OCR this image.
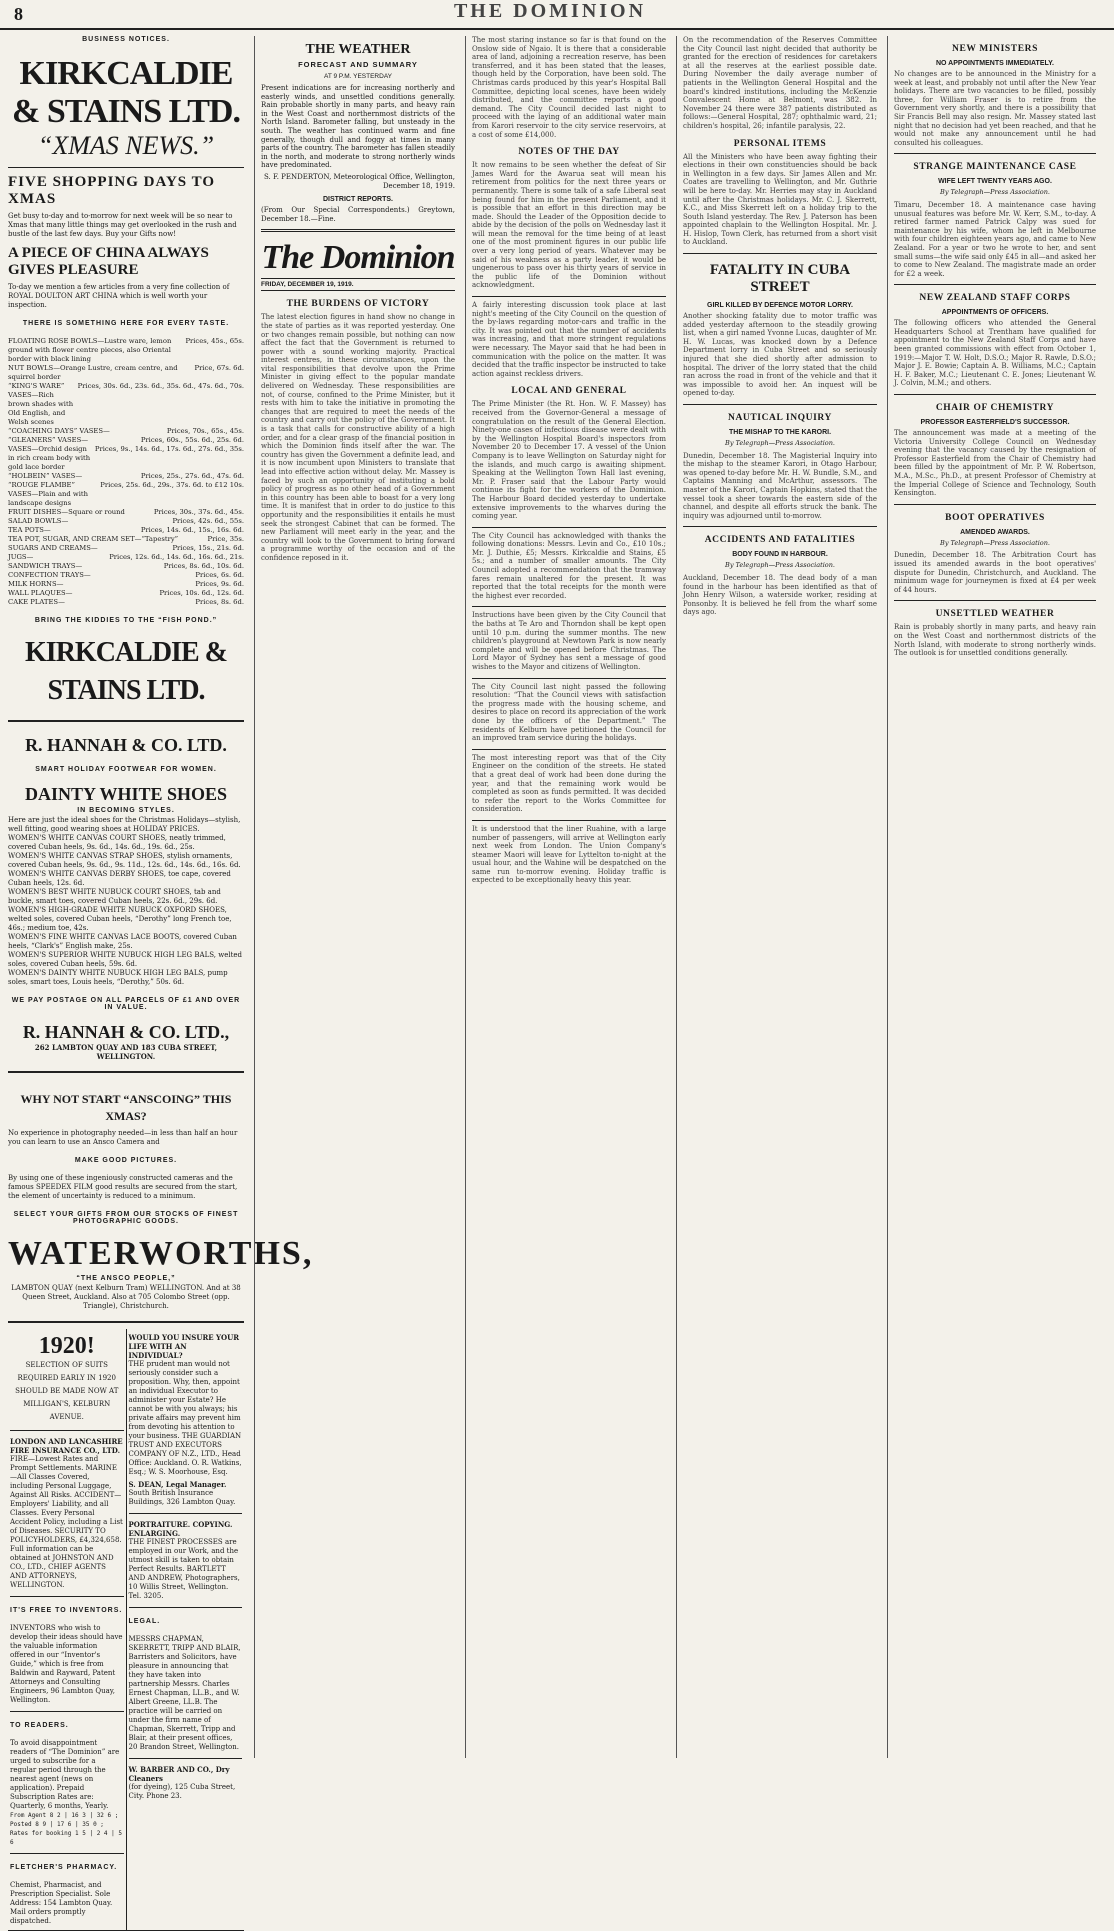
8	THE DOMINION
BUSINESS NOTICES.
KIRKCALDIE & STAINS LTD.
“XMAS NEWS.”
FIVE SHOPPING DAYS TO XMAS
Get busy to-day and to-morrow for next week will be so near to Xmas that many little things may get overlooked in the rush and bustle of the last few days. Buy your Gifts now!
A PIECE OF CHINA ALWAYS GIVES PLEASURE
To-day we mention a few articles from a very fine collection of ROYAL DOULTON ART CHINA which is well worth your inspection.
THERE IS SOMETHING HERE FOR EVERY TASTE.
FLOATING ROSE BOWLS—Lustre ware, lemon ground with flower centre pieces, also Oriental border with black lining
Prices, 45s., 65s.
NUT BOWLS—Orange Lustre, cream centre, and squirrel border
Price, 67s. 6d.
“KING'S WARE” VASES—Rich brown shades with Old English, and Welsh scenes
Prices, 30s. 6d., 23s. 6d., 35s. 6d., 47s. 6d., 70s.
“COACHING DAYS” VASES—	Prices, 70s., 65s., 45s.
“GLEANERS” VASES—	Prices, 60s., 55s. 6d., 25s. 6d.
VASES—Orchid design in rich cream body with gold lace border
Prices, 9s., 14s. 6d., 17s. 6d., 27s. 6d., 35s.
“HOLBEIN” VASES—	Prices, 25s., 27s. 6d., 47s. 6d.
“ROUGE FLAMBE” VASES—Plain and with landscape designs
Prices, 25s. 6d., 29s., 37s. 6d. to £12 10s.
FRUIT DISHES—Square or round	Prices, 30s., 37s. 6d., 45s.
SALAD BOWLS—	Prices, 42s. 6d., 55s.
TEA POTS—	Prices, 14s. 6d., 15s., 16s. 6d.
TEA POT, SUGAR, AND CREAM SET—“Tapestry”	Price, 35s.
SUGARS AND CREAMS—	Prices, 15s., 21s. 6d.
JUGS—	Prices, 12s. 6d., 14s. 6d., 16s. 6d., 21s.
SANDWICH TRAYS—	Prices, 8s. 6d., 10s. 6d.
CONFECTION TRAYS—	Prices, 6s. 6d.
MILK HORNS—	Prices, 9s. 6d.
WALL PLAQUES—	Prices, 10s. 6d., 12s. 6d.
CAKE PLATES—	Prices, 8s. 6d.
BRING THE KIDDIES TO THE “FISH POND.”
KIRKCALDIE & STAINS LTD.
R. HANNAH & CO. LTD.
SMART HOLIDAY FOOTWEAR FOR WOMEN.
DAINTY WHITE SHOES
IN BECOMING STYLES.
Here are just the ideal shoes for the Christmas Holidays—stylish, well fitting, good wearing shoes at HOLIDAY PRICES.
WOMEN'S WHITE CANVAS COURT SHOES, neatly trimmed, covered Cuban heels, 9s. 6d., 14s. 6d., 19s. 6d., 25s.
WOMEN'S WHITE CANVAS STRAP SHOES, stylish ornaments, covered Cuban heels, 9s. 6d., 9s. 11d., 12s. 6d., 14s. 6d., 16s. 6d.
WOMEN'S WHITE CANVAS DERBY SHOES, toe cape, covered Cuban heels, 12s. 6d.
WOMEN'S BEST WHITE NUBUCK COURT SHOES, tab and buckle, smart toes, covered Cuban heels, 22s. 6d., 29s. 6d.
WOMEN'S HIGH-GRADE WHITE NUBUCK OXFORD SHOES, welted soles, covered Cuban heels, “Derothy” long French toe, 46s.; medium toe, 42s.
WOMEN'S FINE WHITE CANVAS LACE BOOTS, covered Cuban heels, “Clark's” English make, 25s.
WOMEN'S SUPERIOR WHITE NUBUCK HIGH LEG BALS, welted soles, covered Cuban heels, 59s. 6d.
WOMEN'S DAINTY WHITE NUBUCK HIGH LEG BALS, pump soles, smart toes, Louis heels, “Derothy,” 50s. 6d.
WE PAY POSTAGE ON ALL PARCELS OF £1 AND OVER IN VALUE.
R. HANNAH & CO. LTD.,
262 LAMBTON QUAY AND 183 CUBA STREET, WELLINGTON.
WHY NOT START “ANSCOING” THIS XMAS?
No experience in photography needed—in less than half an hour you can learn to use an Ansco Camera and
MAKE GOOD PICTURES.
By using one of these ingeniously constructed cameras and the famous SPEEDEX FILM good results are secured from the start, the element of uncertainty is reduced to a minimum.
SELECT YOUR GIFTS FROM OUR STOCKS OF FINEST PHOTOGRAPHIC GOODS.
WATERWORTHS,
“THE ANSCO PEOPLE,”
LAMBTON QUAY (next Kelburn Tram) WELLINGTON. And at 38 Queen Street, Auckland. Also at 705 Colombo Street (opp. Triangle), Christchurch.
1920!
SELECTION OF SUITS REQUIRED EARLY IN 1920 SHOULD BE MADE NOW AT MILLIGAN'S, KELBURN AVENUE.
LONDON AND LANCASHIRE FIRE INSURANCE CO., LTD.
FIRE—Lowest Rates and Prompt Settlements. MARINE—All Classes Covered, including Personal Luggage, Against All Risks. ACCIDENT—Employers' Liability, and all Classes. Every Personal Accident Policy, including a List of Diseases. SECURITY TO POLICYHOLDERS, £4,324,658. Full information can be obtained at JOHNSTON AND CO., LTD., CHIEF AGENTS AND ATTORNEYS, WELLINGTON.
IT'S FREE TO INVENTORS.
INVENTORS who wish to develop their ideas should have the valuable information offered in our “Inventor's Guide,” which is free from Baldwin and Rayward, Patent Attorneys and Consulting Engineers, 96 Lambton Quay, Wellington.
TO READERS.
To avoid disappointment readers of “The Dominion” are urged to subscribe for a regular period through the nearest agent (news on application). Prepaid Subscription Rates are: Quarterly, 6 months, Yearly.
From Agent 8 2 | 16 3 | 32 6 ; Posted 8 9 | 17 6 | 35 0 ; Rates for booking 1 5 | 2 4 | 5 6
FLETCHER'S PHARMACY.
Chemist, Pharmacist, and Prescription Specialist. Sole Address: 154 Lambton Quay. Mail orders promptly dispatched.
WOULD YOU INSURE YOUR LIFE WITH AN INDIVIDUAL?
THE prudent man would not seriously consider such a proposition. Why, then, appoint an individual Executor to administer your Estate? He cannot be with you always; his private affairs may prevent him from devoting his attention to your business. THE GUARDIAN TRUST AND EXECUTORS COMPANY OF N.Z., LTD., Head Office: Auckland. O. R. Watkins, Esq.; W. S. Moorhouse, Esq.
S. DEAN, Legal Manager.
South British Insurance Buildings, 326 Lambton Quay.
PORTRAITURE. COPYING. ENLARGING.
THE FINEST PROCESSES are employed in our Work, and the utmost skill is taken to obtain Perfect Results. BARTLETT AND ANDREW, Photographers, 10 Willis Street, Wellington. Tel. 3205.
LEGAL.
MESSRS CHAPMAN, SKERRETT, TRIPP AND BLAIR, Barristers and Solicitors, have pleasure in announcing that they have taken into partnership Messrs. Charles Ernest Chapman, LL.B., and W. Albert Greene, LL.B. The practice will be carried on under the firm name of Chapman, Skerrett, Tripp and Blair, at their present offices, 20 Brandon Street, Wellington.
W. BARBER AND CO., Dry Cleaners
(for dyeing), 125 Cuba Street, City. Phone 23.
THE WEATHER
FORECAST AND SUMMARY
AT 9 P.M. YESTERDAY
Present indications are for increasing northerly and easterly winds, and unsettled conditions generally. Rain probable shortly in many parts, and heavy rain in the West Coast and northernmost districts of the North Island. Barometer falling, but unsteady in the south. The weather has continued warm and fine generally, though dull and foggy at times in many parts of the country. The barometer has fallen steadily in the north, and moderate to strong northerly winds have predominated.
S. F. PENDERTON, Meteorological Office, Wellington, December 18, 1919.
DISTRICT REPORTS.
(From Our Special Correspondents.) Greytown, December 18.—Fine.
The Dominion
FRIDAY, DECEMBER 19, 1919.
THE BURDENS OF VICTORY
The latest election figures in hand show no change in the state of parties as it was reported yesterday. One or two changes remain possible, but nothing can now affect the fact that the Government is returned to power with a sound working majority. Practical interest centres, in these circumstances, upon the vital responsibilities that devolve upon the Prime Minister in giving effect to the popular mandate delivered on Wednesday. These responsibilities are not, of course, confined to the Prime Minister, but it rests with him to take the initiative in promoting the changes that are required to meet the needs of the country and carry out the policy of the Government. It is a task that calls for constructive ability of a high order, and for a clear grasp of the financial position in which the Dominion finds itself after the war. The country has given the Government a definite lead, and it is now incumbent upon Ministers to translate that lead into effective action without delay. Mr. Massey is faced by such an opportunity of instituting a bold policy of progress as no other head of a Government in this country has been able to boast for a very long time. It is manifest that in order to do justice to this opportunity and the responsibilities it entails he must seek the strongest Cabinet that can be formed. The new Parliament will meet early in the year, and the country will look to the Government to bring forward a programme worthy of the occasion and of the confidence reposed in it.
The most staring instance so far is that found on the Onslow side of Ngaio. It is there that a considerable area of land, adjoining a recreation reserve, has been transferred, and it has been stated that the leases, though held by the Corporation, have been sold. The Christmas cards produced by this year's Hospital Ball Committee, depicting local scenes, have been widely distributed, and the committee reports a good demand. The City Council decided last night to proceed with the laying of an additional water main from Karori reservoir to the city service reservoirs, at a cost of some £14,000.
NOTES OF THE DAY
It now remains to be seen whether the defeat of Sir James Ward for the Awarua seat will mean his retirement from politics for the next three years or permanently. There is some talk of a safe Liberal seat being found for him in the present Parliament, and it is possible that an effort in this direction may be made. Should the Leader of the Opposition decide to abide by the decision of the polls on Wednesday last it will mean the removal for the time being of at least one of the most prominent figures in our public life over a very long period of years. Whatever may be said of his weakness as a party leader, it would be ungenerous to pass over his thirty years of service in the public life of the Dominion without acknowledgment.
A fairly interesting discussion took place at last night's meeting of the City Council on the question of the by-laws regarding motor-cars and traffic in the city. It was pointed out that the number of accidents was increasing, and that more stringent regulations were necessary. The Mayor said that he had been in communication with the police on the matter. It was decided that the traffic inspector be instructed to take action against reckless drivers.
LOCAL AND GENERAL
The Prime Minister (the Rt. Hon. W. F. Massey) has received from the Governor-General a message of congratulation on the result of the General Election. Ninety-one cases of infectious disease were dealt with by the Wellington Hospital Board's inspectors from November 20 to December 17. A vessel of the Union Company is to leave Wellington on Saturday night for the islands, and much cargo is awaiting shipment. Speaking at the Wellington Town Hall last evening, Mr. P. Fraser said that the Labour Party would continue its fight for the workers of the Dominion. The Harbour Board decided yesterday to undertake extensive improvements to the wharves during the coming year.
The City Council has acknowledged with thanks the following donations: Messrs. Levin and Co., £10 10s.; Mr. J. Duthie, £5; Messrs. Kirkcaldie and Stains, £5 5s.; and a number of smaller amounts. The City Council adopted a recommendation that the tramway fares remain unaltered for the present. It was reported that the total receipts for the month were the highest ever recorded.
Instructions have been given by the City Council that the baths at Te Aro and Thorndon shall be kept open until 10 p.m. during the summer months. The new children's playground at Newtown Park is now nearly complete and will be opened before Christmas. The Lord Mayor of Sydney has sent a message of good wishes to the Mayor and citizens of Wellington.
The City Council last night passed the following resolution: “That the Council views with satisfaction the progress made with the housing scheme, and desires to place on record its appreciation of the work done by the officers of the Department.” The residents of Kelburn have petitioned the Council for an improved tram service during the holidays.
The most interesting report was that of the City Engineer on the condition of the streets. He stated that a great deal of work had been done during the year, and that the remaining work would be completed as soon as funds permitted. It was decided to refer the report to the Works Committee for consideration.
It is understood that the liner Ruahine, with a large number of passengers, will arrive at Wellington early next week from London. The Union Company's steamer Maori will leave for Lyttelton to-night at the usual hour, and the Wahine will be despatched on the same run to-morrow evening. Holiday traffic is expected to be exceptionally heavy this year.
On the recommendation of the Reserves Committee the City Council last night decided that authority be granted for the erection of residences for caretakers at all the reserves at the earliest possible date. During November the daily average number of patients in the Wellington General Hospital and the board's kindred institutions, including the McKenzie Convalescent Home at Belmont, was 382. In November 24 there were 387 patients distributed as follows:—General Hospital, 287; ophthalmic ward, 21; children's hospital, 26; infantile paralysis, 22.
PERSONAL ITEMS
All the Ministers who have been away fighting their elections in their own constituencies should be back in Wellington in a few days. Sir James Allen and Mr. Coates are travelling to Wellington, and Mr. Guthrie will be here to-day. Mr. Herries may stay in Auckland until after the Christmas holidays. Mr. C. J. Skerrett, K.C., and Miss Skerrett left on a holiday trip to the South Island yesterday. The Rev. J. Paterson has been appointed chaplain to the Wellington Hospital. Mr. J. H. Hislop, Town Clerk, has returned from a short visit to Auckland.
FATALITY IN CUBA STREET
GIRL KILLED BY DEFENCE MOTOR LORRY.
Another shocking fatality due to motor traffic was added yesterday afternoon to the steadily growing list, when a girl named Yvonne Lucas, daughter of Mr. H. W. Lucas, was knocked down by a Defence Department lorry in Cuba Street and so seriously injured that she died shortly after admission to hospital. The driver of the lorry stated that the child ran across the road in front of the vehicle and that it was impossible to avoid her. An inquest will be opened to-day.
NAUTICAL INQUIRY
THE MISHAP TO THE KARORI.
By Telegraph—Press Association.
Dunedin, December 18. The Magisterial Inquiry into the mishap to the steamer Karori, in Otago Harbour, was opened to-day before Mr. H. W. Bundle, S.M., and Captains Manning and McArthur, assessors. The master of the Karori, Captain Hopkins, stated that the vessel took a sheer towards the eastern side of the channel, and despite all efforts struck the bank. The inquiry was adjourned until to-morrow.
ACCIDENTS AND FATALITIES
BODY FOUND IN HARBOUR.
By Telegraph—Press Association.
Auckland, December 18. The dead body of a man found in the harbour has been identified as that of John Henry Wilson, a waterside worker, residing at Ponsonby. It is believed he fell from the wharf some days ago.
NEW MINISTERS
NO APPOINTMENTS IMMEDIATELY.
No changes are to be announced in the Ministry for a week at least, and probably not until after the New Year holidays. There are two vacancies to be filled, possibly three, for William Fraser is to retire from the Government very shortly, and there is a possibility that Sir Francis Bell may also resign. Mr. Massey stated last night that no decision had yet been reached, and that he would not make any announcement until he had consulted his colleagues.
STRANGE MAINTENANCE CASE
WIFE LEFT TWENTY YEARS AGO.
By Telegraph—Press Association.
Timaru, December 18. A maintenance case having unusual features was before Mr. W. Kerr, S.M., to-day. A retired farmer named Patrick Calpy was sued for maintenance by his wife, whom he left in Melbourne with four children eighteen years ago, and came to New Zealand. For a year or two he wrote to her, and sent small sums—the wife said only £45 in all—and asked her to come to New Zealand. The magistrate made an order for £2 a week.
NEW ZEALAND STAFF CORPS
APPOINTMENTS OF OFFICERS.
The following officers who attended the General Headquarters School at Trentham have qualified for appointment to the New Zealand Staff Corps and have been granted commissions with effect from October 1, 1919:—Major T. W. Holt, D.S.O.; Major R. Rawle, D.S.O.; Major J. E. Bowie; Captain A. B. Williams, M.C.; Captain H. F. Baker, M.C.; Lieutenant C. E. Jones; Lieutenant W. J. Colvin, M.M.; and others.
CHAIR OF CHEMISTRY
PROFESSOR EASTERFIELD'S SUCCESSOR.
The announcement was made at a meeting of the Victoria University College Council on Wednesday evening that the vacancy caused by the resignation of Professor Easterfield from the Chair of Chemistry had been filled by the appointment of Mr. P. W. Robertson, M.A., M.Sc., Ph.D., at present Professor of Chemistry at the Imperial College of Science and Technology, South Kensington.
BOOT OPERATIVES
AMENDED AWARDS.
By Telegraph—Press Association.
Dunedin, December 18. The Arbitration Court has issued its amended awards in the boot operatives' dispute for Dunedin, Christchurch, and Auckland. The minimum wage for journeymen is fixed at £4 per week of 44 hours.
UNSETTLED WEATHER
Rain is probably shortly in many parts, and heavy rain on the West Coast and northernmost districts of the North Island, with moderate to strong northerly winds. The outlook is for unsettled conditions generally.
